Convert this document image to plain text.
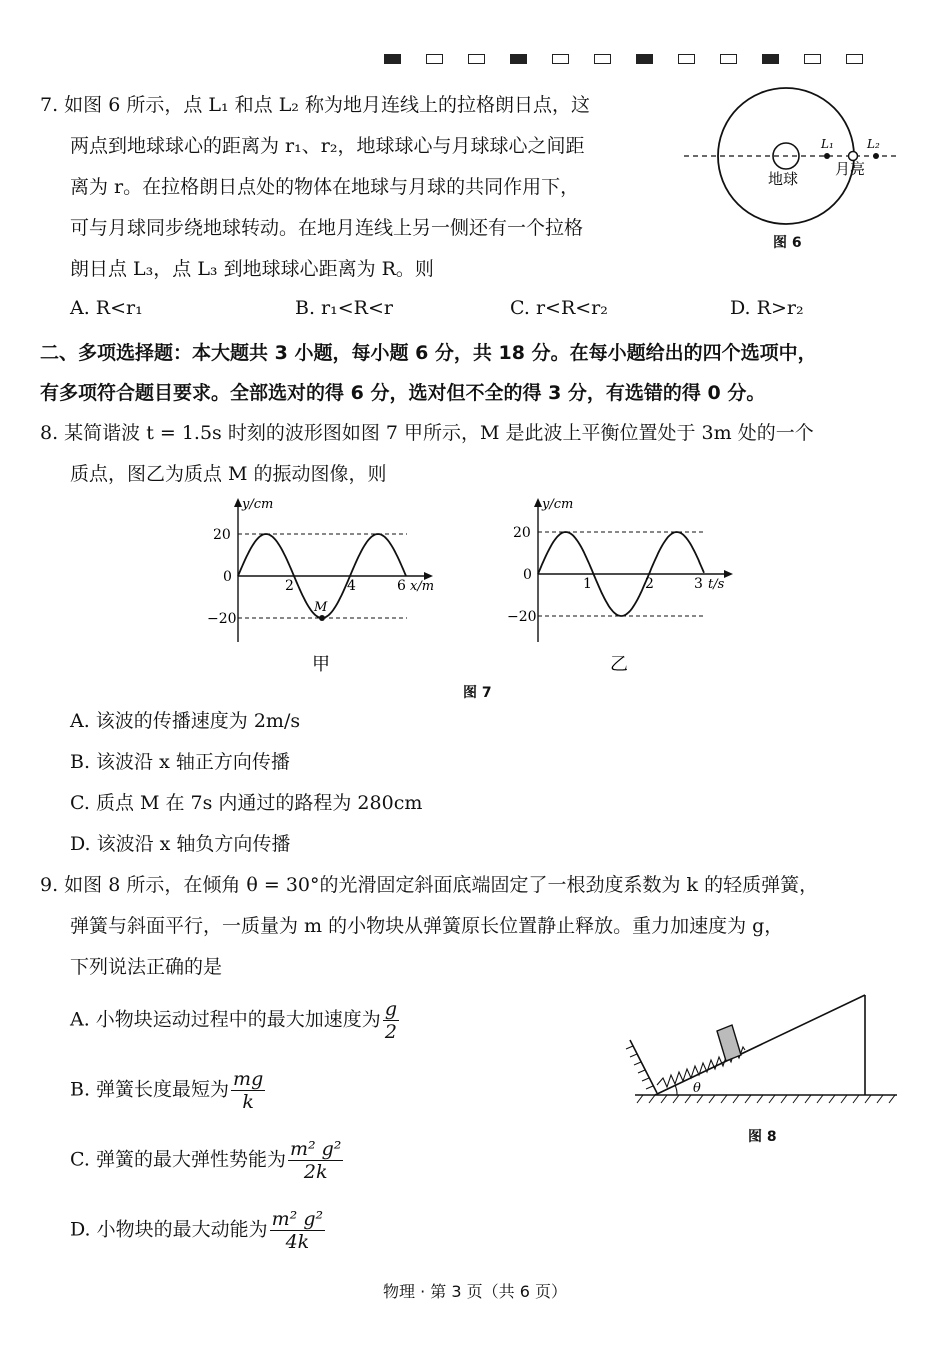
7. 如图 6 所示，点 L₁ 和点 L₂ 称为地月连线上的拉格朗日点，这
两点到地球球心的距离为 r₁、r₂，地球球心与月球球心之间距
离为 r。在拉格朗日点处的物体在地球与月球的共同作用下，
可与月球同步绕地球转动。在地月连线上另一侧还有一个拉格
朗日点 L₃，点 L₃ 到地球球心距离为 R。则
A. R<r₁	B. r₁<R<r	C. r<R<r₂	D. R>r₂
地球
月亮
L₁	L₂
图 6
二、多项选择题：本大题共 3 小题，每小题 6 分，共 18 分。在每小题给出的四个选项中，
有多项符合题目要求。全部选对的得 6 分，选对但不全的得 3 分，有选错的得 0 分。
8. 某简谐波 t = 1.5s 时刻的波形图如图 7 甲所示，M 是此波上平衡位置处于 3m 处的一个
质点，图乙为质点 M 的振动图像，则
y/cm
20
0
−20
2	4	6 x/m
M
甲
y/cm
20
0
−20
1	2	3 t/s
乙
图 7
A. 该波的传播速度为 2m/s
B. 该波沿 x 轴正方向传播
C. 质点 M 在 7s 内通过的路程为 280cm
D. 该波沿 x 轴负方向传播
9. 如图 8 所示，在倾角 θ = 30°的光滑固定斜面底端固定了一根劲度系数为 k 的轻质弹簧，
弹簧与斜面平行，一质量为 m 的小物块从弹簧原长位置静止释放。重力加速度为 g，
下列说法正确的是
A. 小物块运动过程中的最大加速度为 $\frac{g}{2}$
B. 弹簧长度最短为 $\frac{mg}{k}$
C. 弹簧的最大弹性势能为 $\frac{\text{m² g²}}{2k}$
D. 小物块的最大动能为 $\frac{\text{m² g²}}{4k}$
θ
图 8
物理 · 第 3 页（共 6 页）
